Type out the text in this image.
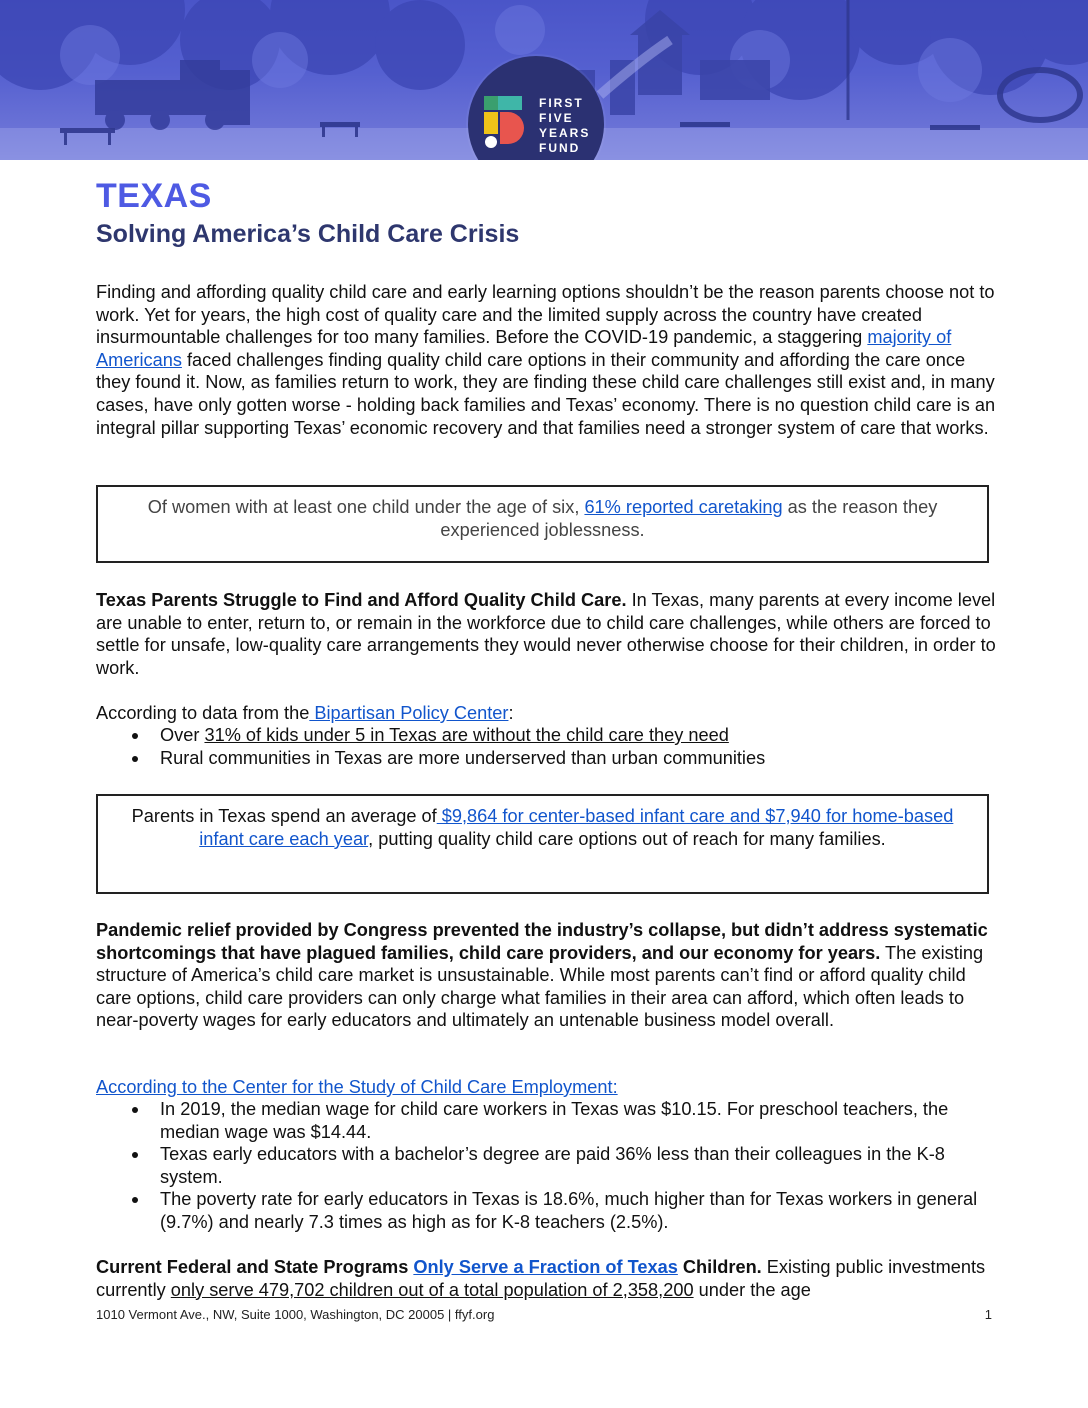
FIRST
FIVE
YEARS
FUND
TEXAS
Solving America’s Child Care Crisis

Finding and affording quality child care and early learning options shouldn’t be the reason parents choose not to work. Yet for years, the high cost of quality care and the limited supply across the country have created insurmountable challenges for too many families. Before the COVID-19 pandemic, a staggering majority of Americans faced challenges finding quality child care options in their community and affording the care once they found it. Now, as families return to work, they are finding these child care challenges still exist and, in many cases, have only gotten worse - holding back families and Texas’ economy. There is no question child care is an integral pillar supporting Texas’ economic recovery and that families need a stronger system of care that works.

Of women with at least one child under the age of six, 61% reported caretaking as the reason they experienced joblessness.

Texas Parents Struggle to Find and Afford Quality Child Care. In Texas, many parents at every income level are unable to enter, return to, or remain in the workforce due to child care challenges, while others are forced to settle for unsafe, low-quality care arrangements they would never otherwise choose for their children, in order to work.

According to data from the Bipartisan Policy Center:

Over 31% of kids under 5 in Texas are without the child care they need
Rural communities in Texas are more underserved than urban communities
Parents in Texas spend an average of $9,864 for center-based infant care and $7,940 for home-based infant care each year, putting quality child care options out of reach for many families.

Pandemic relief provided by Congress prevented the industry’s collapse, but didn’t address systematic shortcomings that have plagued families, child care providers, and our economy for years. The existing structure of America’s child care market is unsustainable. While most parents can’t find or afford quality child care options, child care providers can only charge what families in their area can afford, which often leads to near-poverty wages for early educators and ultimately an untenable business model overall.

According to the Center for the Study of Child Care Employment:

In 2019, the median wage for child care workers in Texas was $10.15. For preschool teachers, the median wage was $14.44.
Texas early educators with a bachelor’s degree are paid 36% less than their colleagues in the K-8 system.
The poverty rate for early educators in Texas is 18.6%, much higher than for Texas workers in general (9.7%) and nearly 7.3 times as high as for K-8 teachers (2.5%).

Current Federal and State Programs Only Serve a Fraction of Texas Children. Existing public investments currently only serve 479,702 children out of a total population of 2,358,200 under the age

1010 Vermont Ave., NW, Suite 1000, Washington, DC 20005 | ffyf.org	1
